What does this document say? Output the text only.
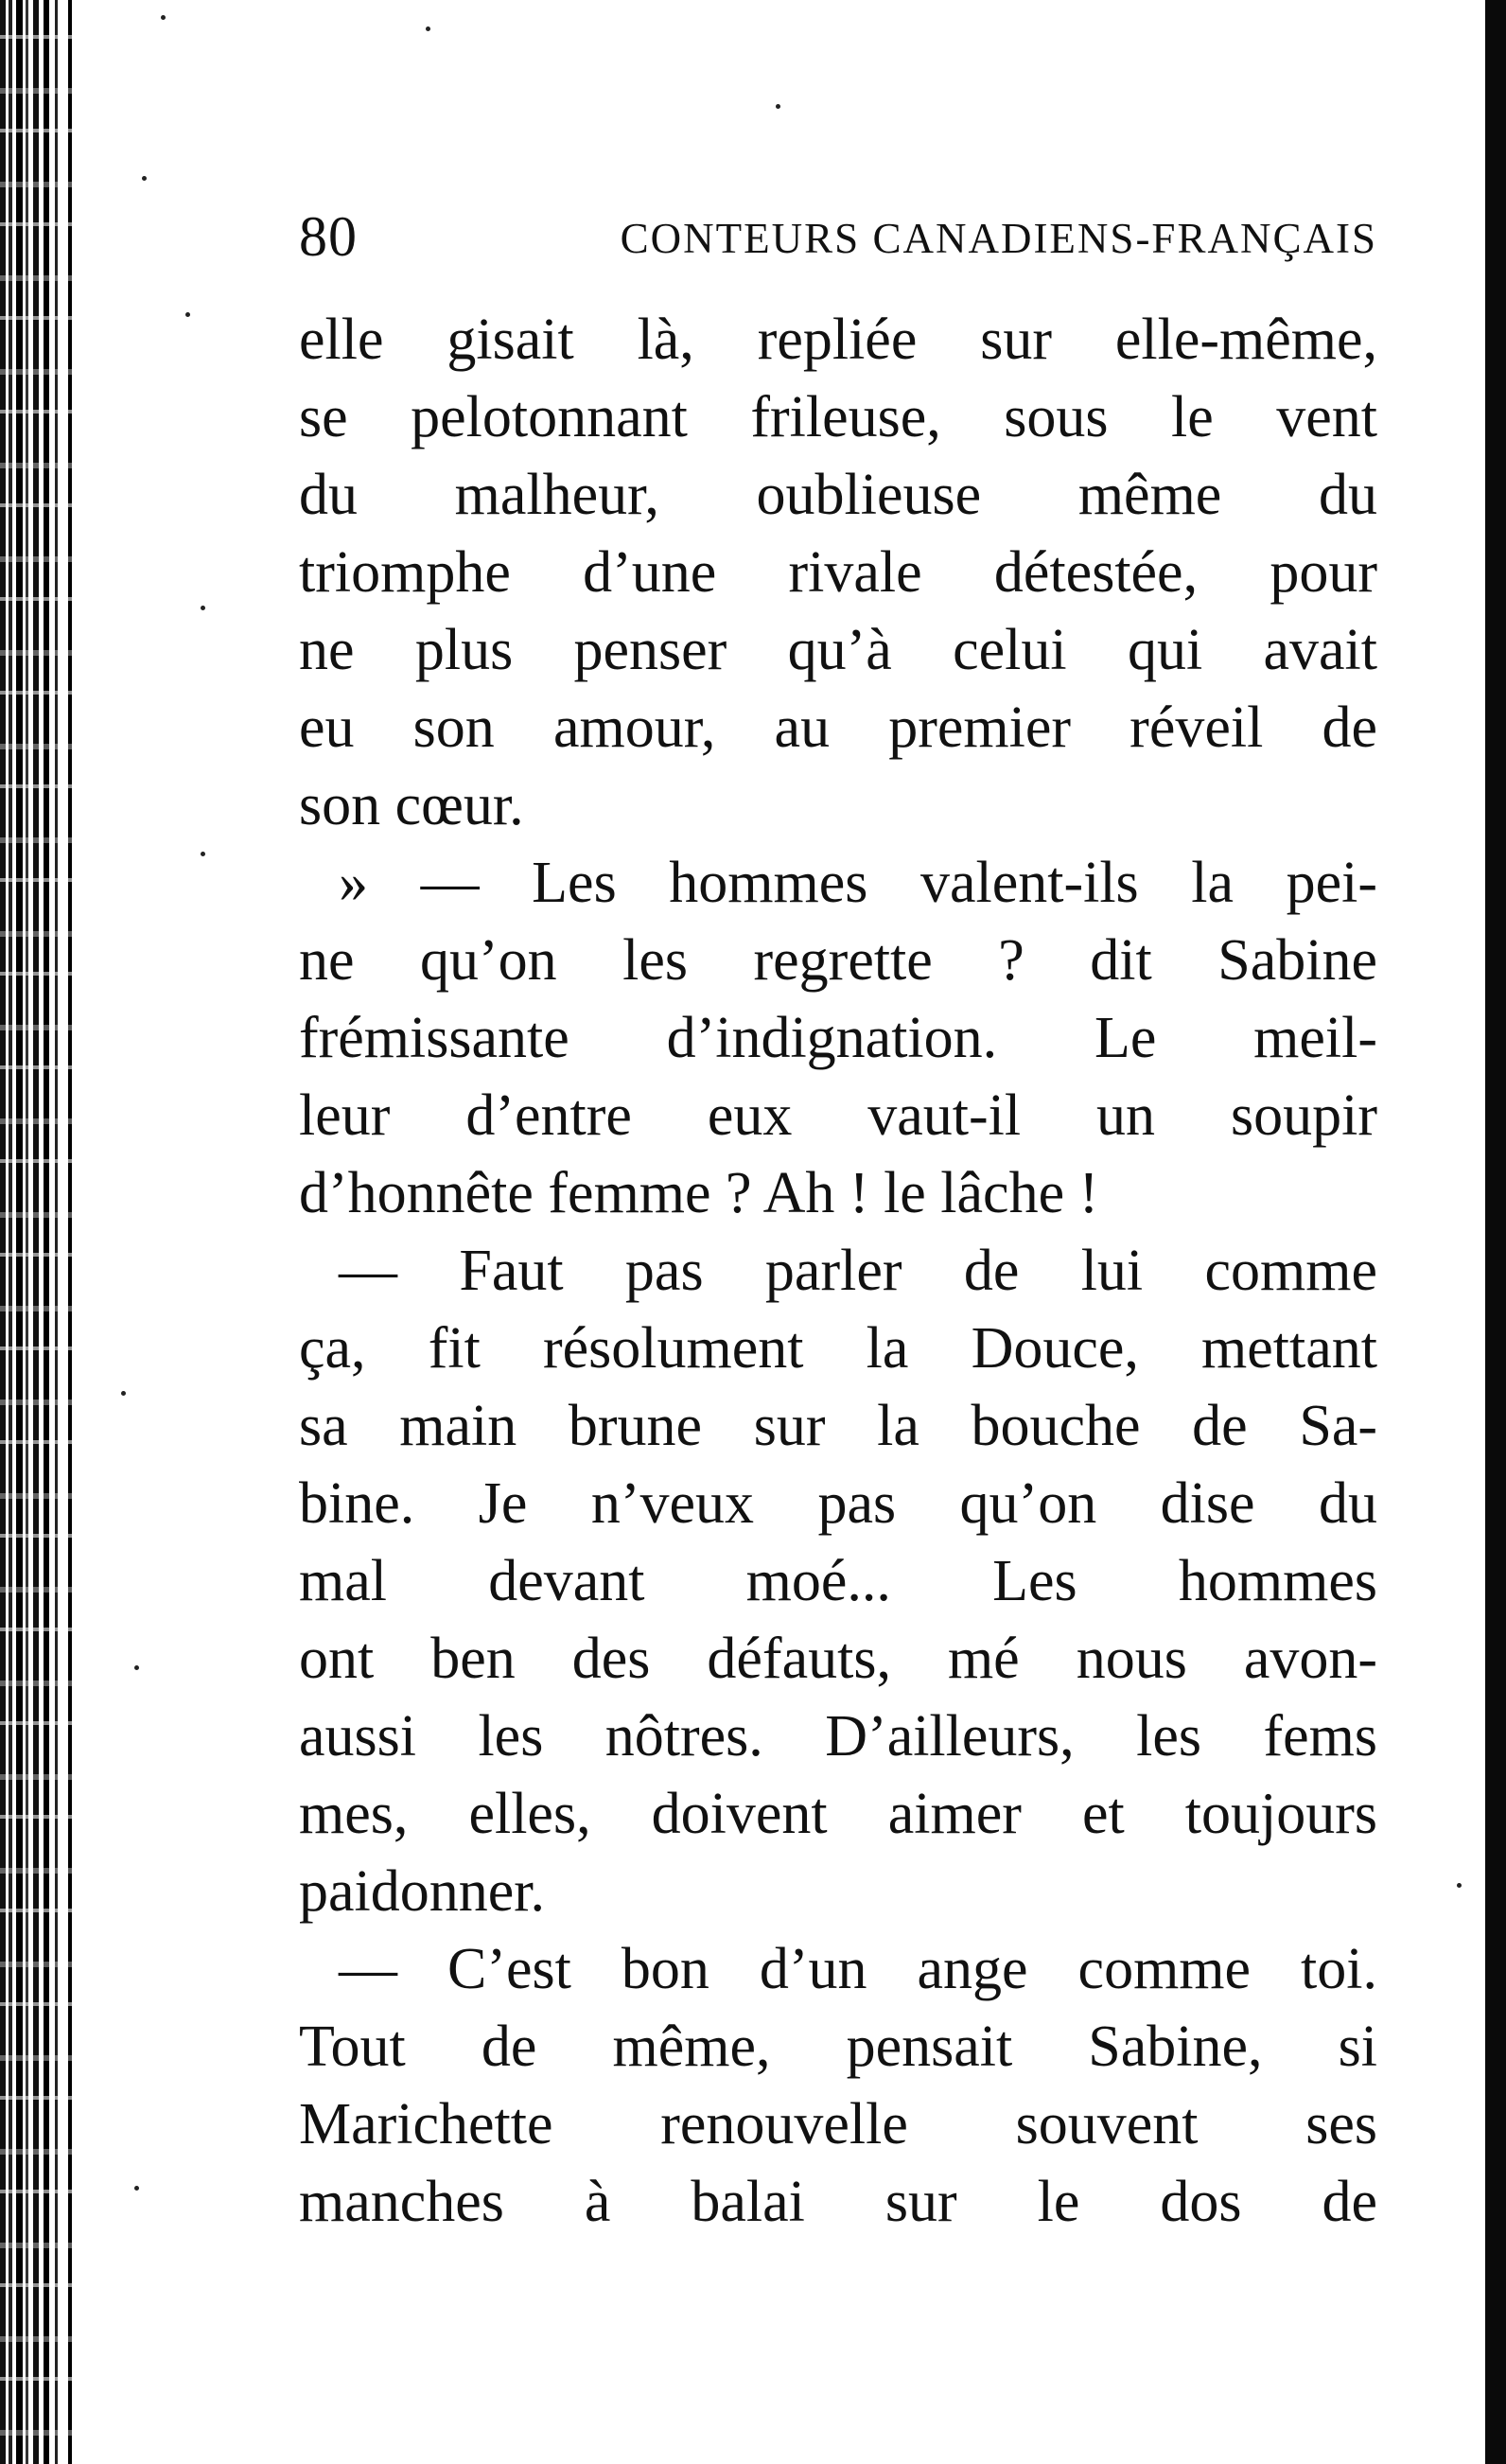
80	CONTEURS CANADIENS-FRANÇAIS
elle gisait là, repliée sur elle-même,
se pelotonnant frileuse, sous le vent
du malheur, oublieuse même du
triomphe d’une rivale détestée, pour
ne plus penser qu’à celui qui avait
eu son amour, au premier réveil de
son cœur.
» — Les hommes valent-ils la pei-
ne qu’on les regrette ? dit Sabine
frémissante d’indignation. Le meil-
leur d’entre eux vaut-il un soupir
d’honnête femme ? Ah ! le lâche !
— Faut pas parler de lui comme
ça, fit résolument la Douce, mettant
sa main brune sur la bouche de Sa-
bine. Je n’veux pas qu’on dise du
mal devant moé... Les hommes
ont ben des défauts, mé nous avon-
aussi les nôtres. D’ailleurs, les fems
mes, elles, doivent aimer et toujours
paidonner.
— C’est bon d’un ange comme toi.
Tout de même, pensait Sabine, si
Marichette renouvelle souvent ses
manches à balai sur le dos de
